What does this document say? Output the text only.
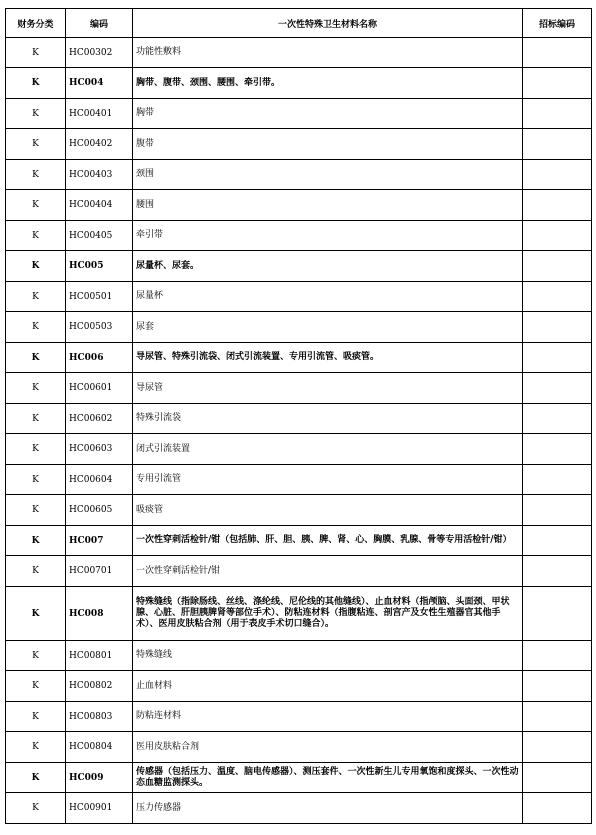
财务分类	编码	一次性特殊卫生材料名称	招标编码
K	HC00302	功能性敷料	
K	HC004	胸带、腹带、颈围、腰围、牵引带。	
K	HC00401	胸带	
K	HC00402	腹带	
K	HC00403	颈围	
K	HC00404	腰围	
K	HC00405	牵引带	
K	HC005	尿量杯、尿套。	
K	HC00501	尿量杯	
K	HC00503	尿套	
K	HC006	导尿管、特殊引流袋、闭式引流装置、专用引流管、吸痰管。	
K	HC00601	导尿管	
K	HC00602	特殊引流袋	
K	HC00603	闭式引流装置	
K	HC00604	专用引流管	
K	HC00605	吸痰管	
K	HC007	一次性穿刺活检针/钳（包括肺、肝、胆、胰、脾、肾、心、胸膜、乳腺、骨等专用活检针/钳）	
K	HC00701	一次性穿刺活检针/钳	
K	HC008	特殊缝线（指除肠线、丝线、涤纶线、尼伦线的其他缝线）、止血材料（指颅脑、头面颈、甲状腺、心脏、肝胆胰脾肾等部位手术）、防粘连材料（指腹粘连、剖宫产及女性生殖器官其他手术）、医用皮肤粘合剂（用于表皮手术切口缝合）。	
K	HC00801	特殊缝线	
K	HC00802	止血材料	
K	HC00803	防粘连材料	
K	HC00804	医用皮肤粘合剂	
K	HC009	传感器（包括压力、温度、脑电传感器）、测压套件、一次性新生儿专用氧饱和度探头、一次性动态血糖监测探头。	
K	HC00901	压力传感器	
